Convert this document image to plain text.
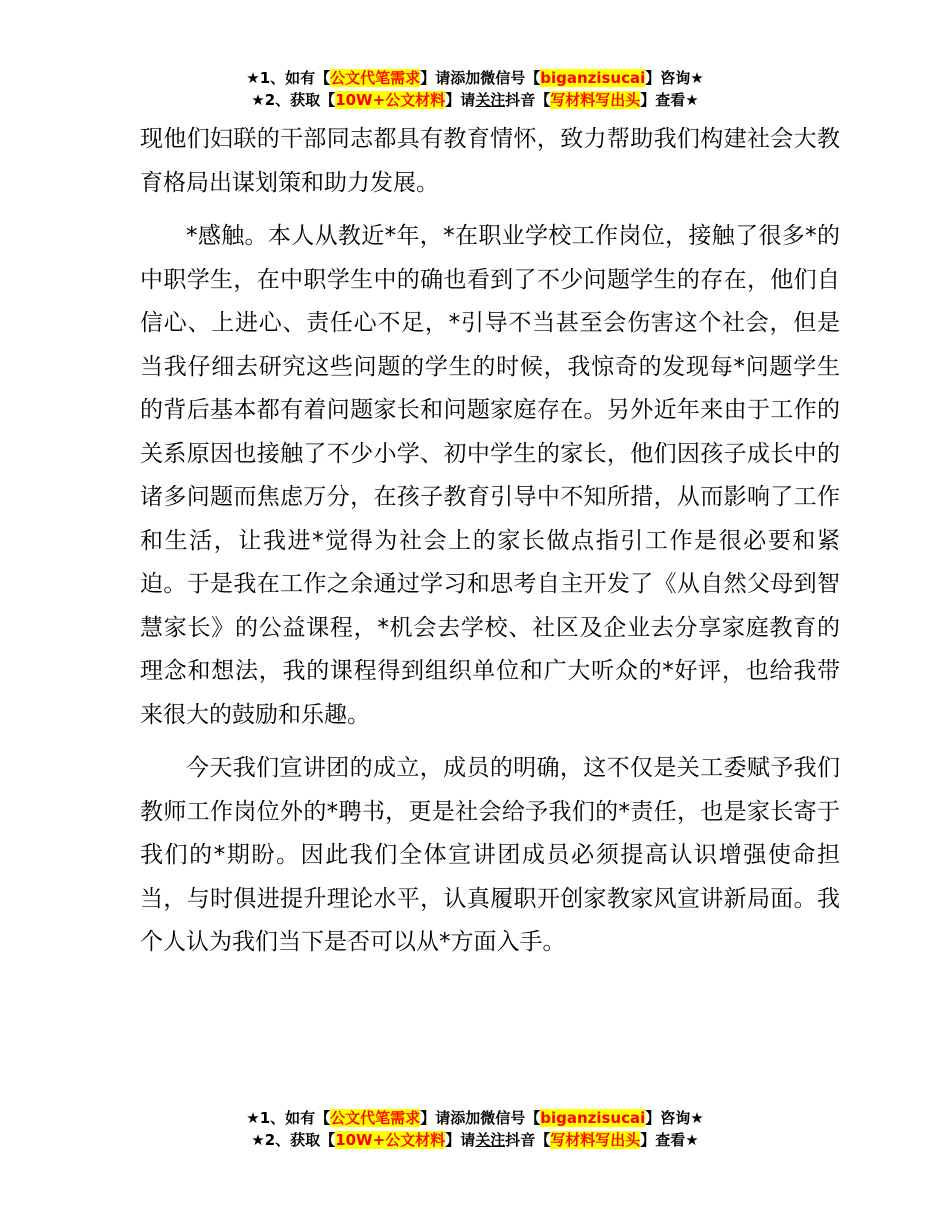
★1、如有【公文代笔需求】请添加微信号【biganzisucai】咨询★
★2、获取【10W+公文材料】请关注抖音【写材料写出头】查看★

现他们妇联的干部同志都具有教育情怀，致力帮助我们构建社会大教育格局出谋划策和助力发展。

*感触。本人从教近*年，*在职业学校工作岗位，接触了很多*的中职学生，在中职学生中的确也看到了不少问题学生的存在，他们自信心、上进心、责任心不足，*引导不当甚至会伤害这个社会，但是当我仔细去研究这些问题的学生的时候，我惊奇的发现每*问题学生的背后基本都有着问题家长和问题家庭存在。另外近年来由于工作的关系原因也接触了不少小学、初中学生的家长，他们因孩子成长中的诸多问题而焦虑万分，在孩子教育引导中不知所措，从而影响了工作和生活，让我进*觉得为社会上的家长做点指引工作是很必要和紧迫。于是我在工作之余通过学习和思考自主开发了《从自然父母到智慧家长》的公益课程，*机会去学校、社区及企业去分享家庭教育的理念和想法，我的课程得到组织单位和广大听众的*好评，也给我带来很大的鼓励和乐趣。

今天我们宣讲团的成立，成员的明确，这不仅是关工委赋予我们教师工作岗位外的*聘书，更是社会给予我们的*责任，也是家长寄于我们的*期盼。因此我们全体宣讲团成员必须提高认识增强使命担当，与时俱进提升理论水平，认真履职开创家教家风宣讲新局面。我个人认为我们当下是否可以从*方面入手。

★1、如有【公文代笔需求】请添加微信号【biganzisucai】咨询★
★2、获取【10W+公文材料】请关注抖音【写材料写出头】查看★
